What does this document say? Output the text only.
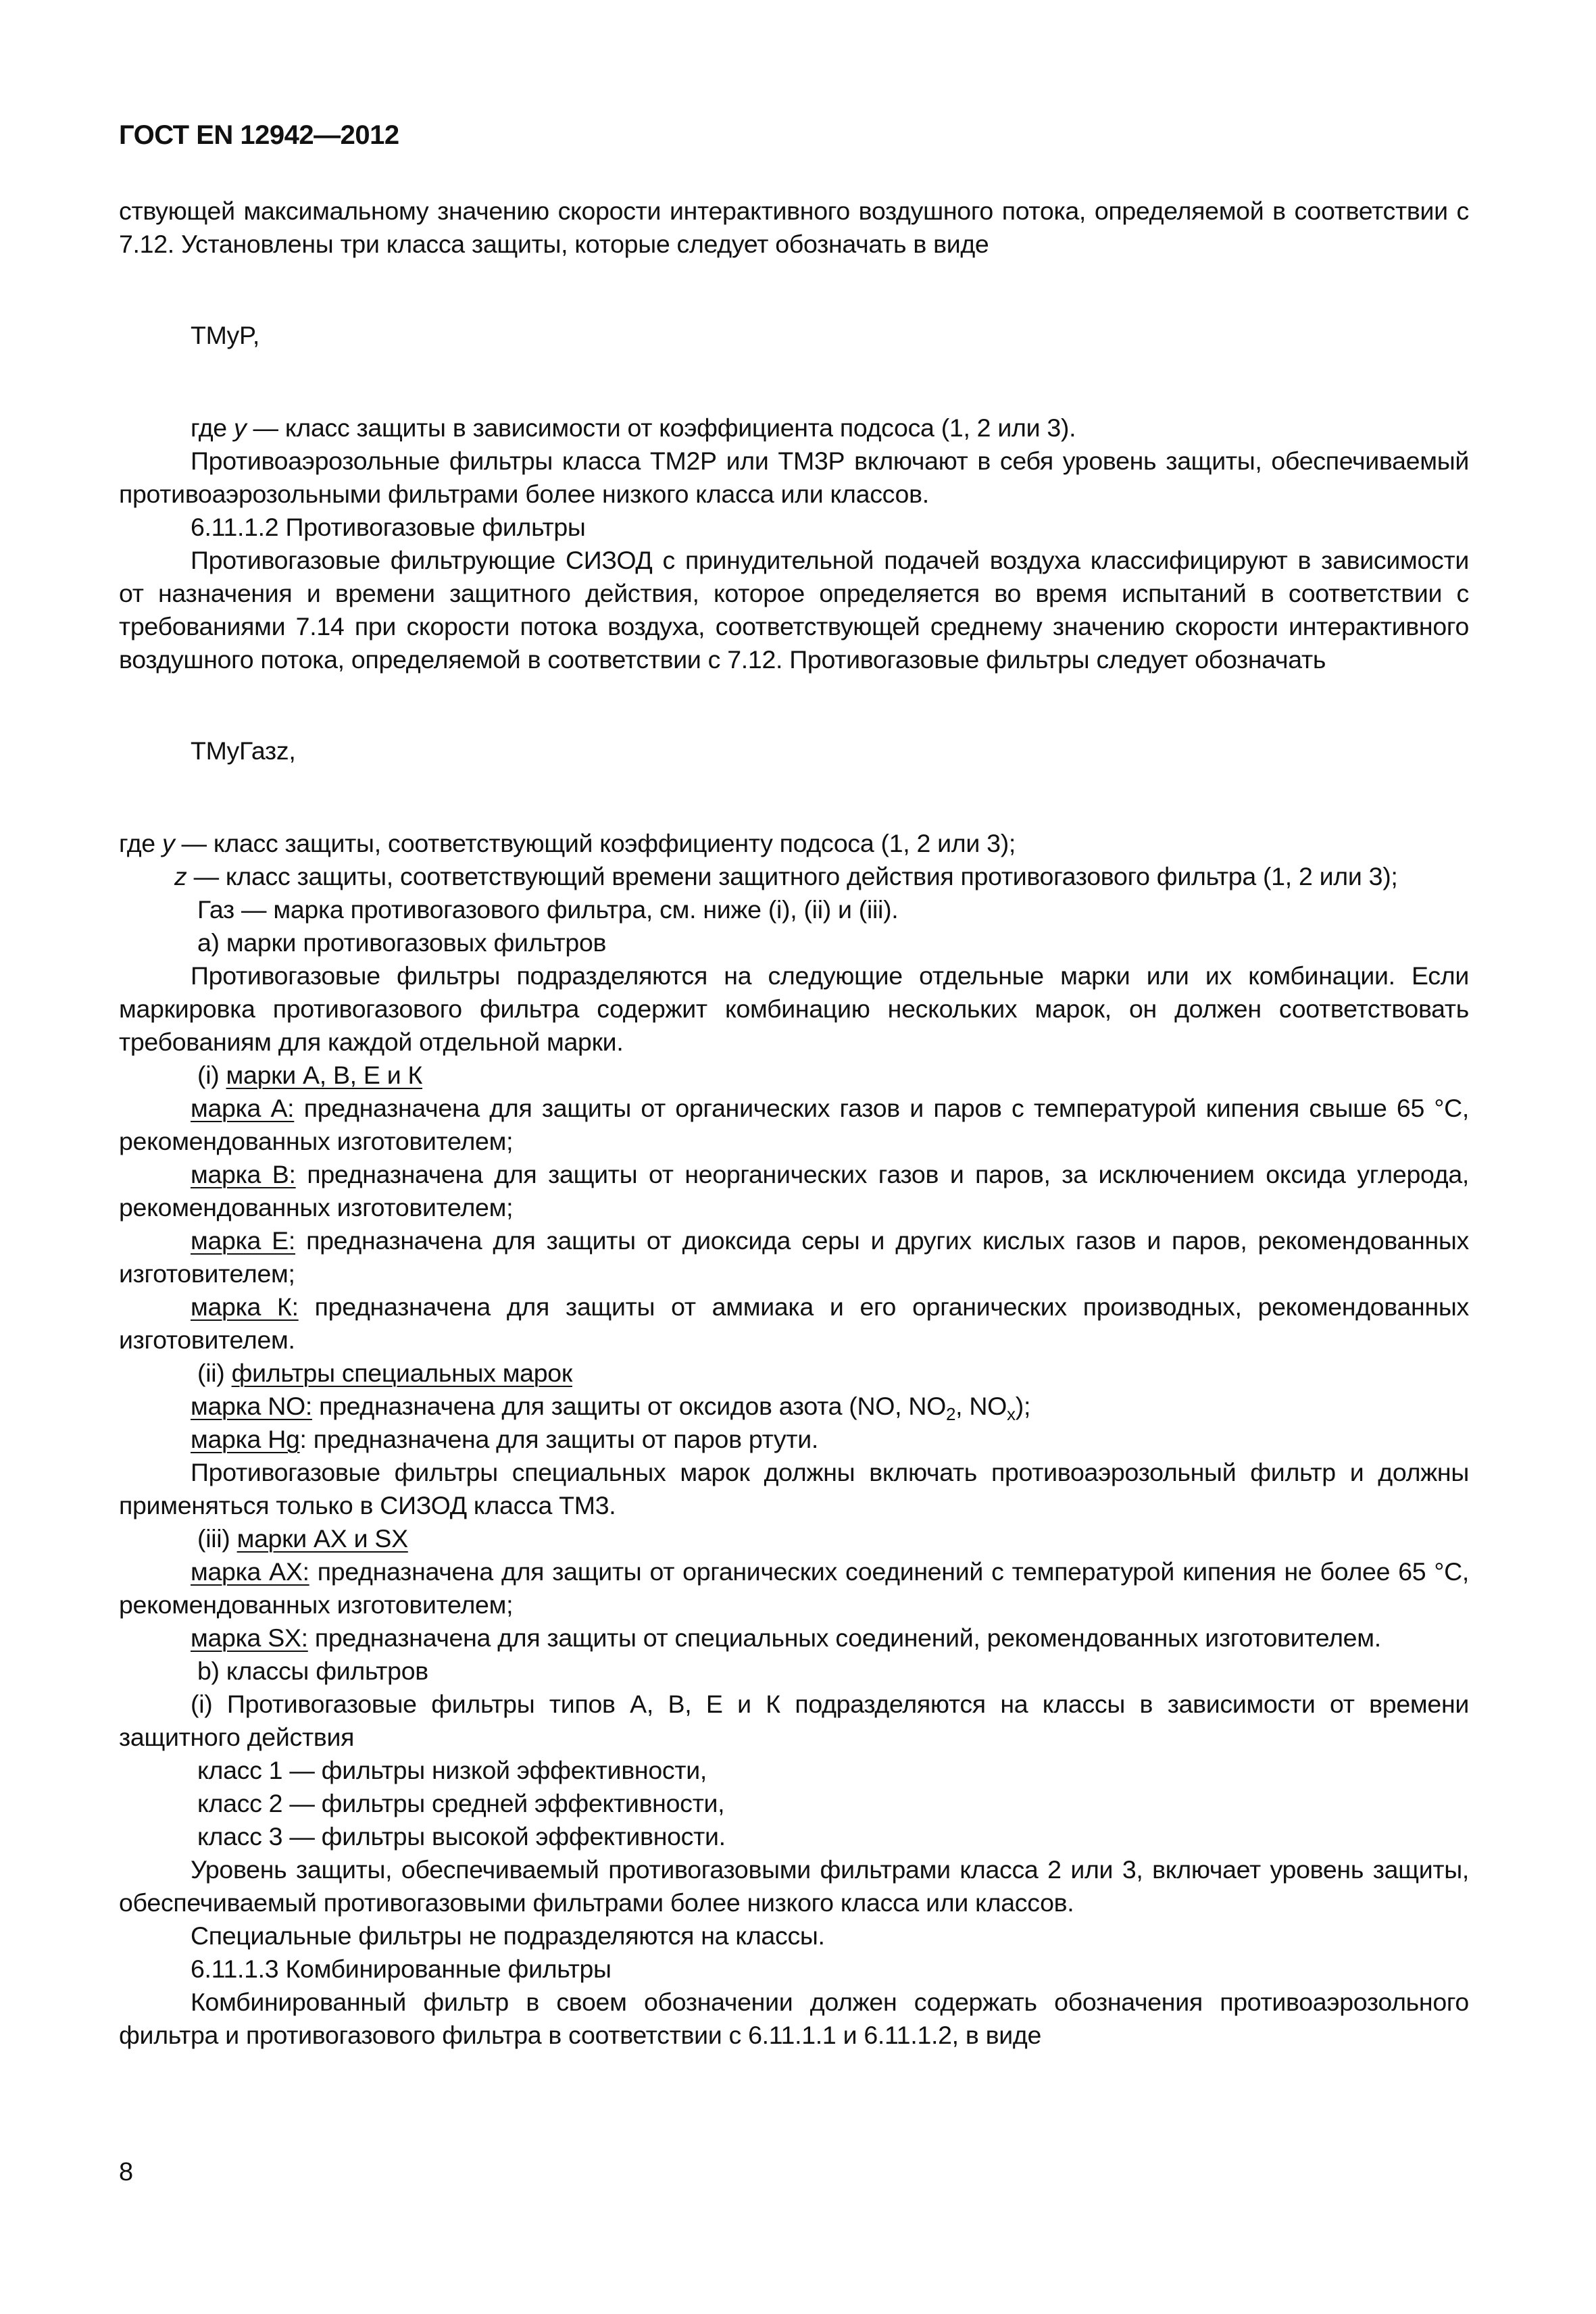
ГОСТ EN 12942—2012

ствующей максимальному значению скорости интерактивного воздушного потока, определяемой в соответствии с 7.12. Установлены три класса защиты, которые следует обозначать в виде

ТМyP,

где y — класс защиты в зависимости от коэффициента подсоса (1, 2 или 3).

Противоаэрозольные фильтры класса ТМ2Р или ТМ3Р включают в себя уровень защиты, обеспечиваемый противоаэрозольными фильтрами более низкого класса или классов.

6.11.1.2 Противогазовые фильтры

Противогазовые фильтрующие СИЗОД с принудительной подачей воздуха классифицируют в зависимости от назначения и времени защитного действия, которое определяется во время испытаний в соответствии с требованиями 7.14 при скорости потока воздуха, соответствующей среднему значению скорости интерактивного воздушного потока, определяемой в соответствии с 7.12. Противогазовые фильтры следует обозначать

ТМyГазz,

где y — класс защиты, соответствующий коэффициенту подсоса (1, 2 или 3);

z — класс защиты, соответствующий времени защитного действия противогазового фильтра (1, 2 или 3);

Газ — марка противогазового фильтра, см. ниже (i), (ii) и (iii).

а) марки противогазовых фильтров

Противогазовые фильтры подразделяются на следующие отдельные марки или их комбинации. Если маркировка противогазового фильтра содержит комбинацию нескольких марок, он должен соответствовать требованиям для каждой отдельной марки.

(i) марки А, В, Е и К

марка А: предназначена для защиты от органических газов и паров с температурой кипения свыше 65 °С, рекомендованных изготовителем;

марка В: предназначена для защиты от неорганических газов и паров, за исключением оксида углерода, рекомендованных изготовителем;

марка Е: предназначена для защиты от диоксида серы и других кислых газов и паров, рекомендованных изготовителем;

марка К: предназначена для защиты от аммиака и его органических производных, рекомендованных изготовителем.

(ii) фильтры специальных марок

марка NO: предназначена для защиты от оксидов азота (NO, $NO_2$, $NO_x$);

марка Hg: предназначена для защиты от паров ртути.

Противогазовые фильтры специальных марок должны включать противоаэрозольный фильтр и должны применяться только в СИЗОД класса ТМ3.

(iii) марки АХ и SX

марка АХ: предназначена для защиты от органических соединений с температурой кипения не более 65 °С, рекомендованных изготовителем;

марка SX: предназначена для защиты от специальных соединений, рекомендованных изготовителем.

b) классы фильтров

(i) Противогазовые фильтры типов А, В, Е и К подразделяются на классы в зависимости от времени защитного действия

класс 1 — фильтры низкой эффективности,

класс 2 — фильтры средней эффективности,

класс 3 — фильтры высокой эффективности.

Уровень защиты, обеспечиваемый противогазовыми фильтрами класса 2 или 3, включает уровень защиты, обеспечиваемый противогазовыми фильтрами более низкого класса или классов.

Специальные фильтры не подразделяются на классы.

6.11.1.3 Комбинированные фильтры

Комбинированный фильтр в своем обозначении должен содержать обозначения противоаэрозольного фильтра и противогазового фильтра в соответствии с 6.11.1.1 и 6.11.1.2, в виде

8
